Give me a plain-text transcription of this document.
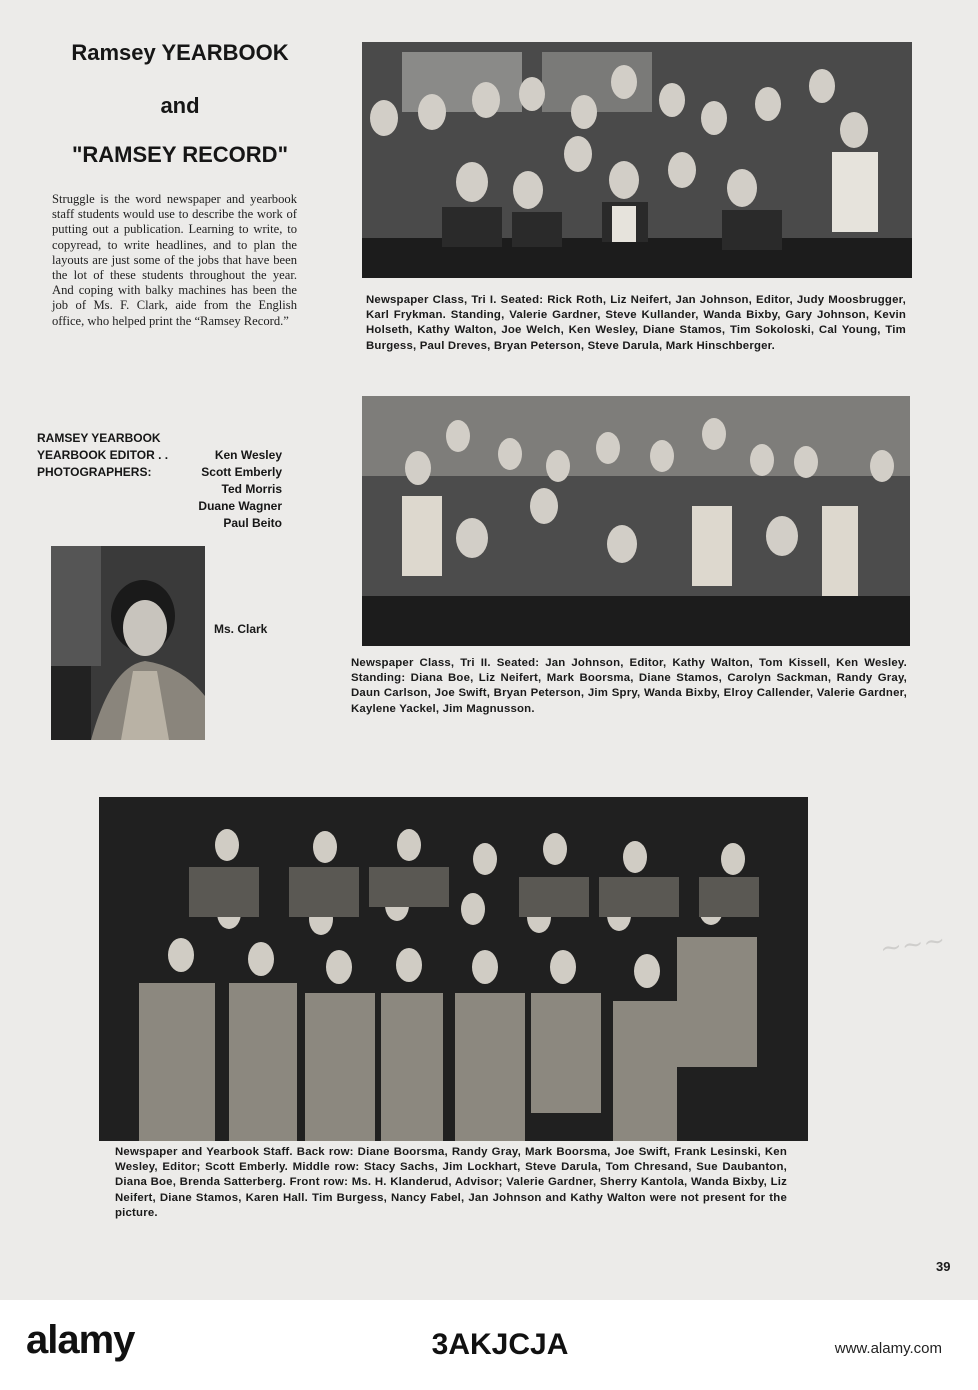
~~~
Ramsey YEARBOOK
and
"RAMSEY RECORD"
Struggle is the word newspaper and yearbook staff students would use to describe the work of putting out a publication. Learning to write, to copyread, to write headlines, and to plan the layouts are just some of the jobs that have been the lot of these students throughout the year. And coping with balky machines has been the job of Ms. F. Clark, aide from the English office, who helped print the “Ramsey Record.”
RAMSEY YEARBOOK
YEARBOOK EDITOR . .	Ken Wesley
PHOTOGRAPHERS:	Scott Emberly
Ted Morris
Duane Wagner
Paul Beito
Ms. Clark
Newspaper Class, Tri I. Seated: Rick Roth, Liz Neifert, Jan Johnson, Editor, Judy Moosbrugger, Karl Frykman. Standing, Valerie Gardner, Steve Kullander, Wanda Bixby, Gary Johnson, Kevin Holseth, Kathy Walton, Joe Welch, Ken Wesley, Diane Stamos, Tim Sokoloski, Cal Young, Tim Burgess, Paul Dreves, Bryan Peterson, Steve Darula, Mark Hinschberger.
Newspaper Class, Tri II. Seated: Jan Johnson, Editor, Kathy Walton, Tom Kissell, Ken Wesley. Standing: Diana Boe, Liz Neifert, Mark Boorsma, Diane Stamos, Carolyn Sackman, Randy Gray, Daun Carlson, Joe Swift, Bryan Peterson, Jim Spry, Wanda Bixby, Elroy Callender, Valerie Gardner, Kaylene Yackel, Jim Magnusson.
Newspaper and Yearbook Staff. Back row: Diane Boorsma, Randy Gray, Mark Boorsma, Joe Swift, Frank Lesinski, Ken Wesley, Editor; Scott Emberly. Middle row: Stacy Sachs, Jim Lockhart, Steve Darula, Tom Chresand, Sue Daubanton, Diana Boe, Brenda Satterberg. Front row: Ms. H. Klanderud, Advisor; Valerie Gardner, Sherry Kantola, Wanda Bixby, Liz Neifert, Diane Stamos, Karen Hall. Tim Burgess, Nancy Fabel, Jan Johnson and Kathy Walton were not present for the picture.
39
alamy	3AKJCJA	www.alamy.com
